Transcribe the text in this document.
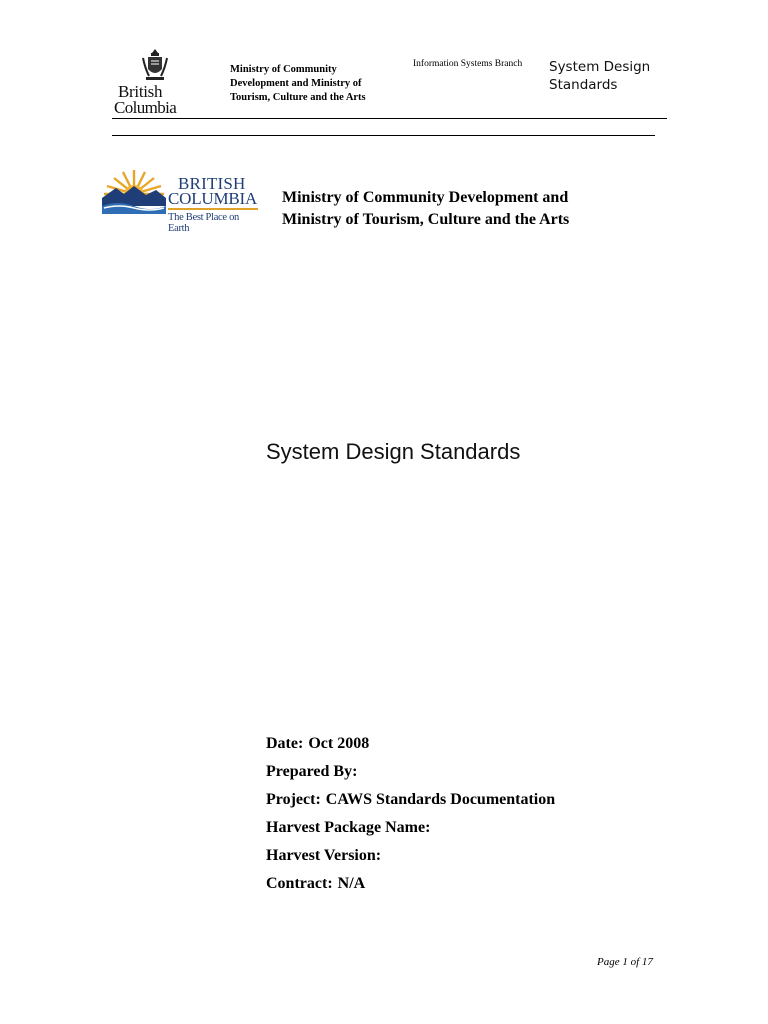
British
Columbia
Ministry of Community
Development and Ministry of
Tourism, Culture and the Arts
Information Systems Branch System Design
Standards
BRITISH
COLUMBIA
The Best Place on Earth
Ministry of Community Development and
Ministry of Tourism, Culture and the Arts
System Design Standards
Date: Oct 2008
Prepared By:
Project: CAWS Standards Documentation
Harvest Package Name:
Harvest Version:
Contract: N/A
Page 1 of 17
